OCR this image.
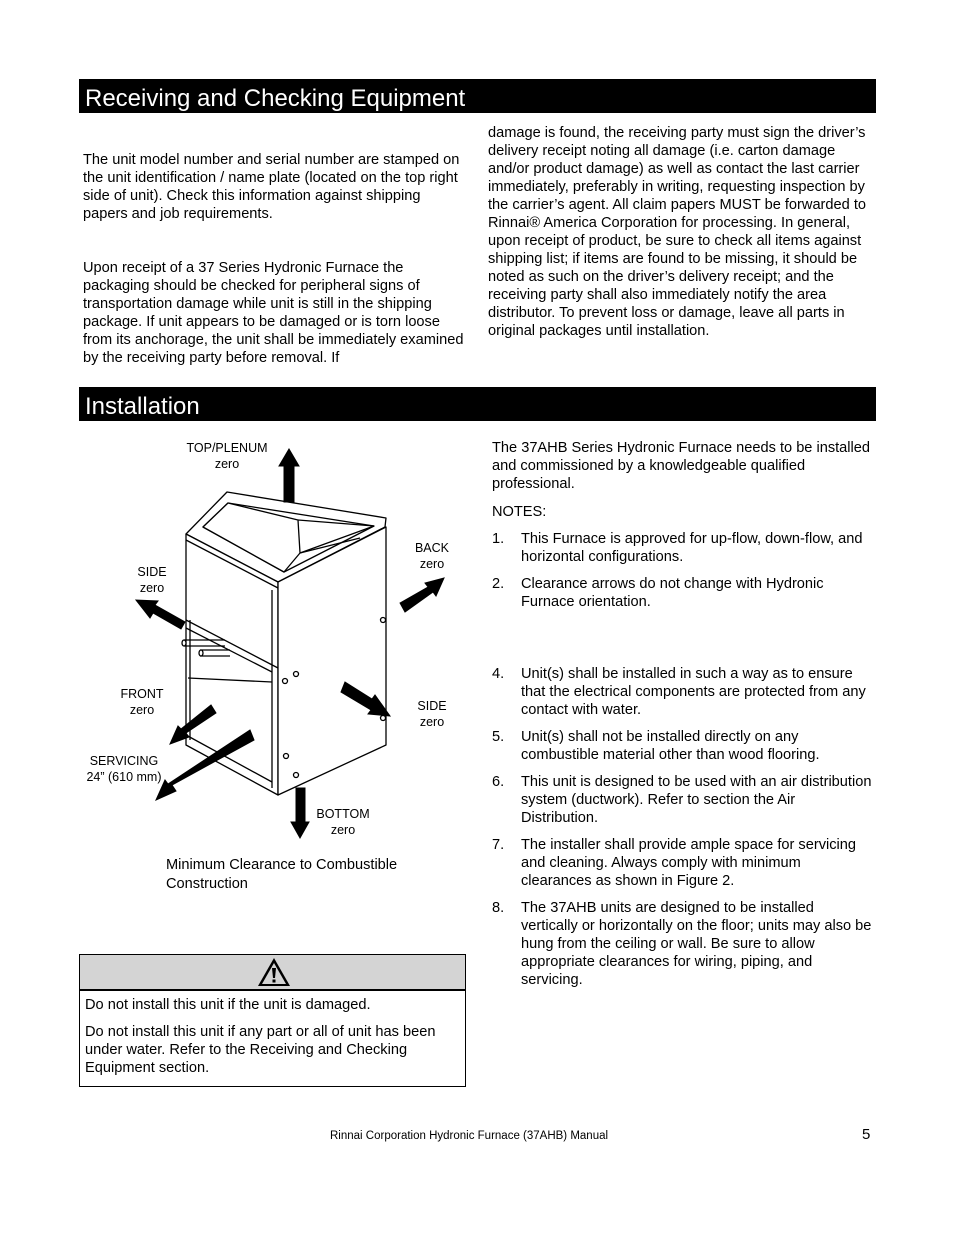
Receiving and Checking Equipment

The unit model number and serial number are stamped on the unit identification / name plate (located on the top right side of unit). Check this information against shipping papers and job requirements.

Upon receipt of a 37 Series Hydronic Furnace the packaging should be checked for peripheral signs of transportation damage while unit is still in the shipping package. If unit appears to be damaged or is torn loose from its anchorage, the unit shall be immediately examined by the receiving party before removal. If

damage is found, the receiving party must sign the driver’s delivery receipt noting all damage (i.e. carton damage and/or product damage) as well as contact the last carrier immediately, preferably in writing, requesting inspection by the carrier’s agent. All claim papers MUST be forwarded to Rinnai® America Corporation for processing. In general, upon receipt of product, be sure to check all items against shipping list; if items are found to be missing, it should be noted as such on the driver’s delivery receipt; and the receiving party shall also immediately notify the area distributor. To prevent loss or damage, leave all parts in original packages until installation.

Installation
TOP/PLENUM
zero
BACK
zero
SIDE
zero
FRONT
zero	SIDE
zero
SERVICING
24” (610 mm)
BOTTOM
zero

Minimum Clearance to Combustible Construction

The 37AHB Series Hydronic Furnace needs to be installed and commissioned by a knowledgeable qualified professional.

NOTES:

1. This Furnace is approved for up-flow, down-flow, and horizontal configurations.
2. Clearance arrows do not change with Hydronic Furnace orientation.
4. Unit(s) shall be installed in such a way as to ensure that the electrical components are protected from any contact with water.
5. Unit(s) shall not be installed directly on any combustible material other than wood flooring.
6. This unit is designed to be used with an air distribution system (ductwork). Refer to section the Air Distribution.
7. The installer shall provide ample space for servicing and cleaning. Always comply with minimum clearances as shown in Figure 2.
8. The 37AHB units are designed to be installed vertically or horizontally on the floor; units may also be hung from the ceiling or wall. Be sure to allow appropriate clearances for wiring, piping, and servicing.

Do not install this unit if the unit is damaged.

Do not install this unit if any part or all of unit has been under water. Refer to the Receiving and Checking Equipment section.

Rinnai Corporation Hydronic Furnace (37AHB) Manual	5
